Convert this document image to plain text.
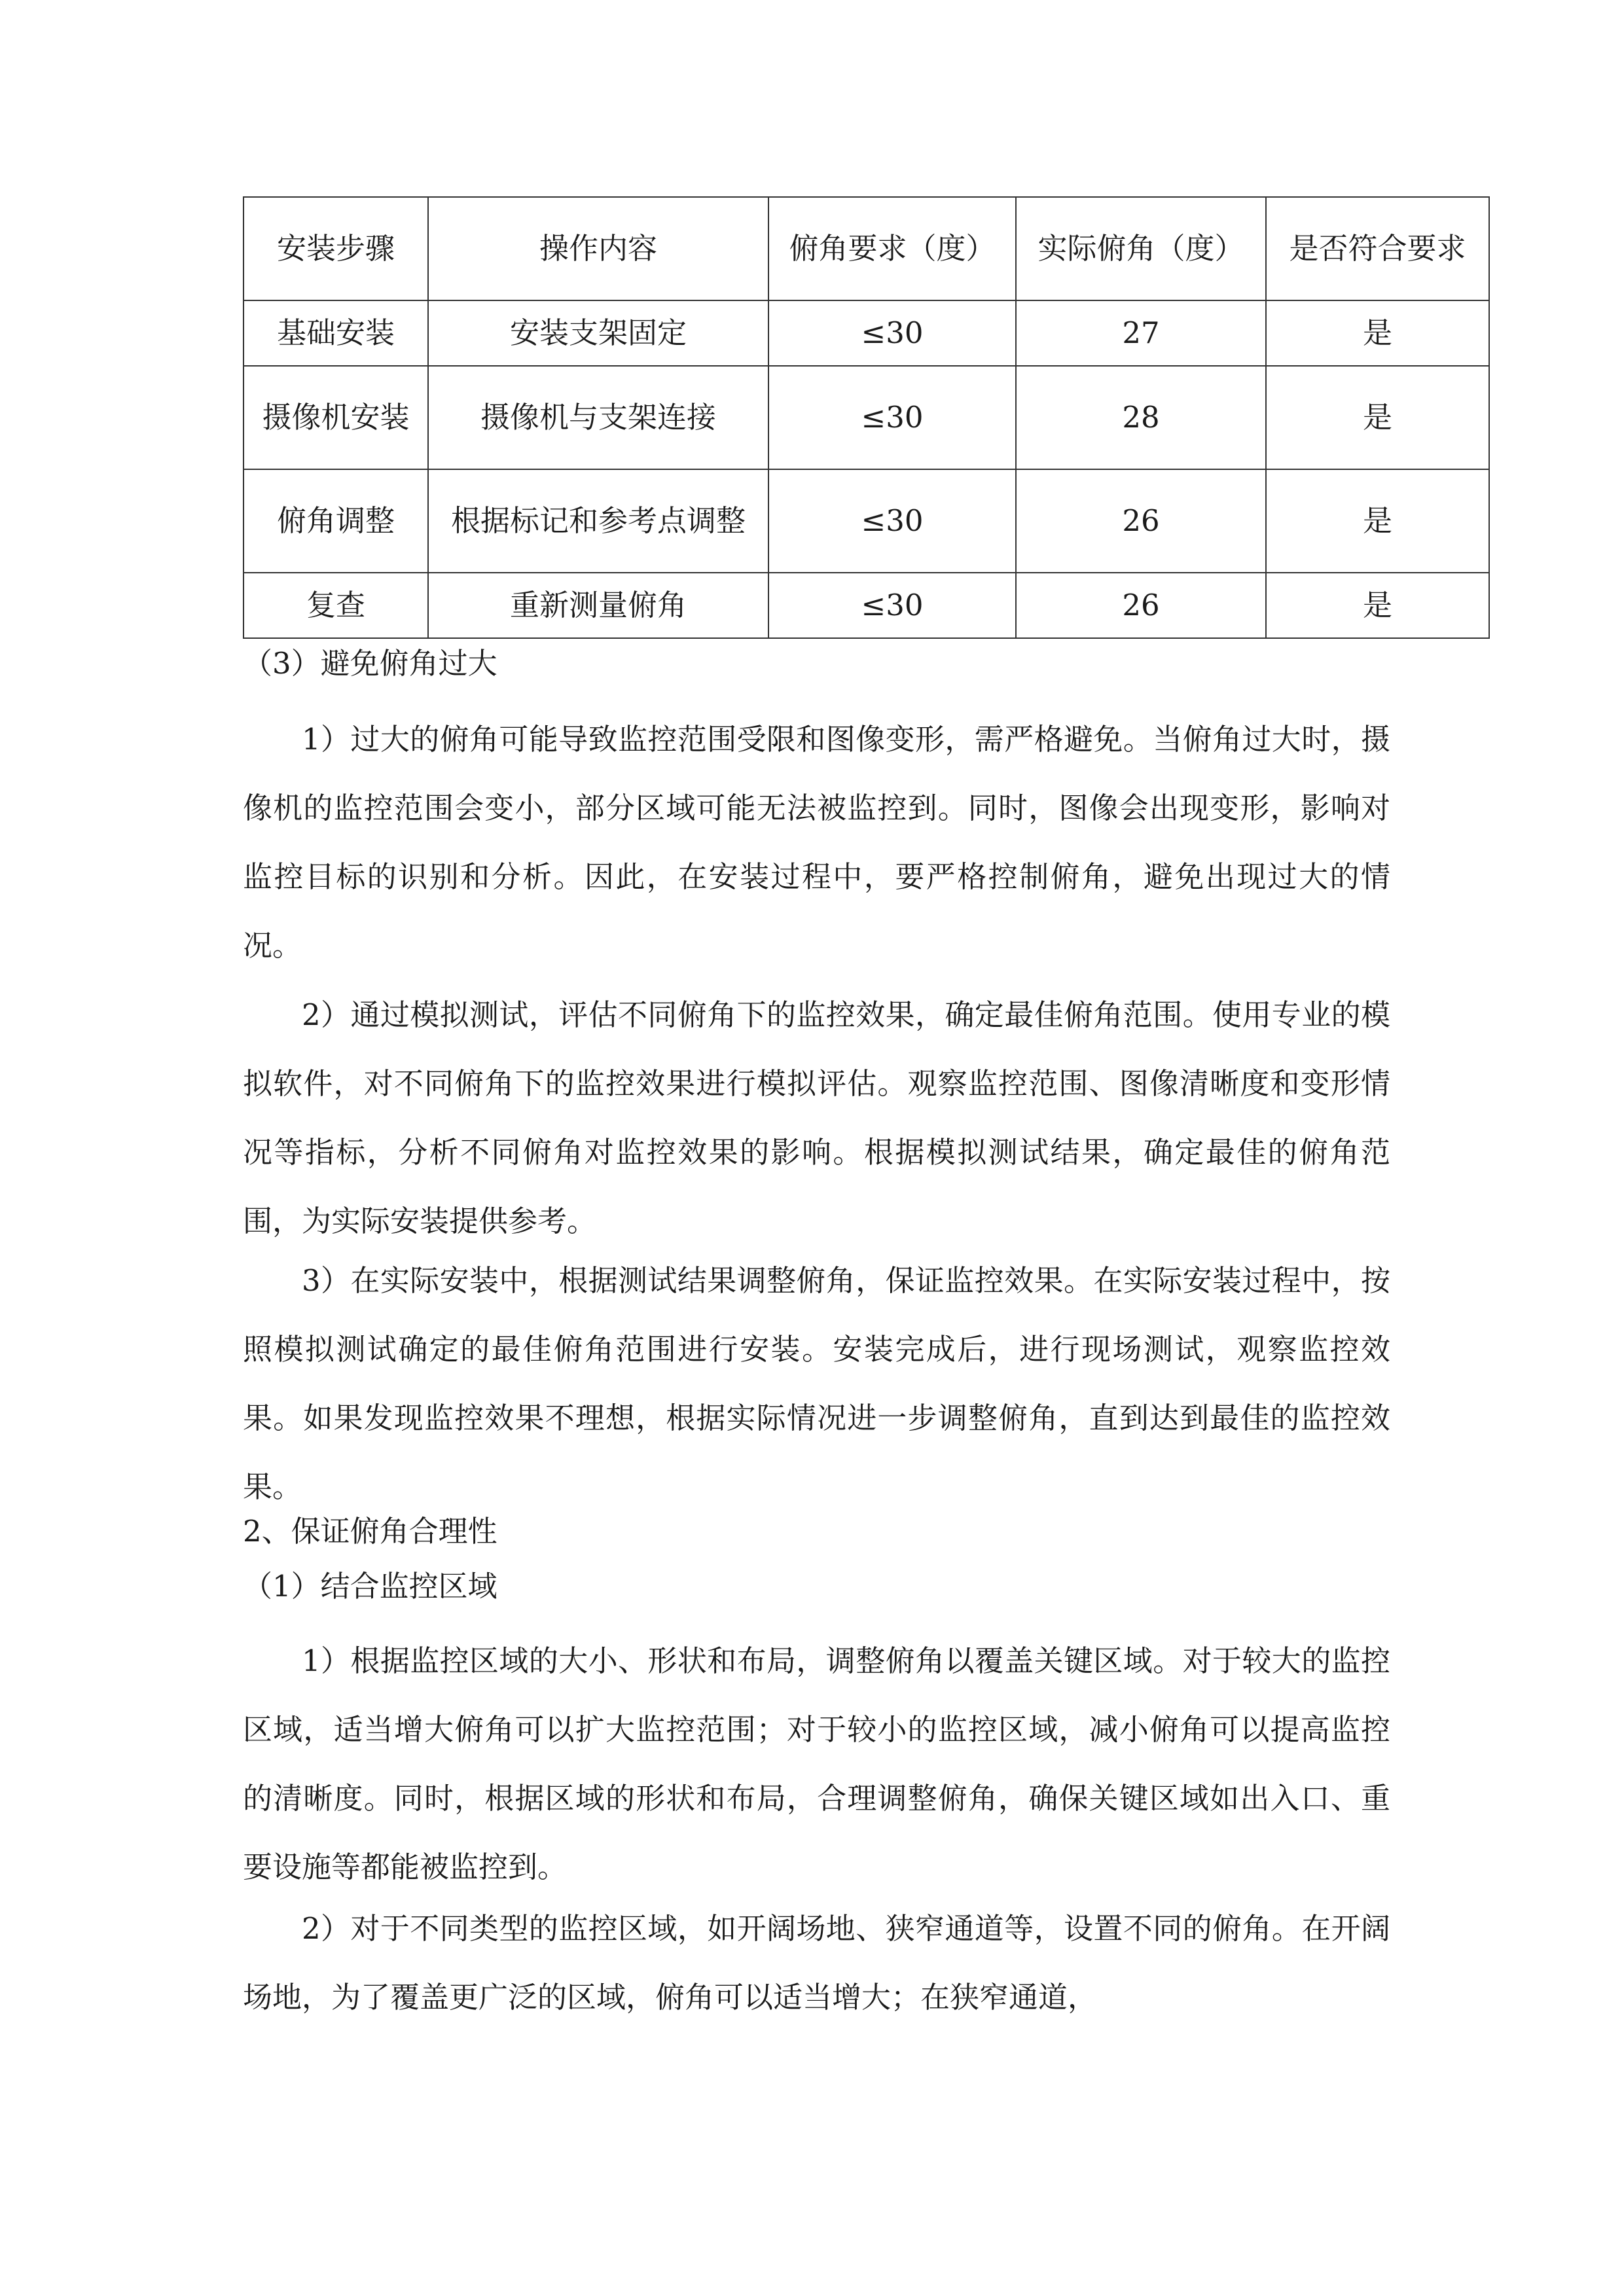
安装步骤	操作内容	俯角要求（度）	实际俯角（度）	是否符合要求
基础安装	安装支架固定	≤30	27	是
摄像机安装	摄像机与支架连接	≤30	28	是
俯角调整	根据标记和参考点调整	≤30	26	是
复查	重新测量俯角	≤30	26	是

（3）避免俯角过大

1）过大的俯角可能导致监控范围受限和图像变形，需严格避免。当俯角过大时，摄像机的监控范围会变小，部分区域可能无法被监控到。同时，图像会出现变形，影响对监控目标的识别和分析。因此，在安装过程中，要严格控制俯角，避免出现过大的情况。

2）通过模拟测试，评估不同俯角下的监控效果，确定最佳俯角范围。使用专业的模拟软件，对不同俯角下的监控效果进行模拟评估。观察监控范围、图像清晰度和变形情况等指标，分析不同俯角对监控效果的影响。根据模拟测试结果，确定最佳的俯角范围，为实际安装提供参考。

3）在实际安装中，根据测试结果调整俯角，保证监控效果。在实际安装过程中，按照模拟测试确定的最佳俯角范围进行安装。安装完成后，进行现场测试，观察监控效果。如果发现监控效果不理想，根据实际情况进一步调整俯角，直到达到最佳的监控效果。

2、保证俯角合理性

（1）结合监控区域

1）根据监控区域的大小、形状和布局，调整俯角以覆盖关键区域。对于较大的监控区域，适当增大俯角可以扩大监控范围；对于较小的监控区域，减小俯角可以提高监控的清晰度。同时，根据区域的形状和布局，合理调整俯角，确保关键区域如出入口、重要设施等都能被监控到。

2）对于不同类型的监控区域，如开阔场地、狭窄通道等，设置不同的俯角。在开阔场地，为了覆盖更广泛的区域，俯角可以适当增大；在狭窄通道，
